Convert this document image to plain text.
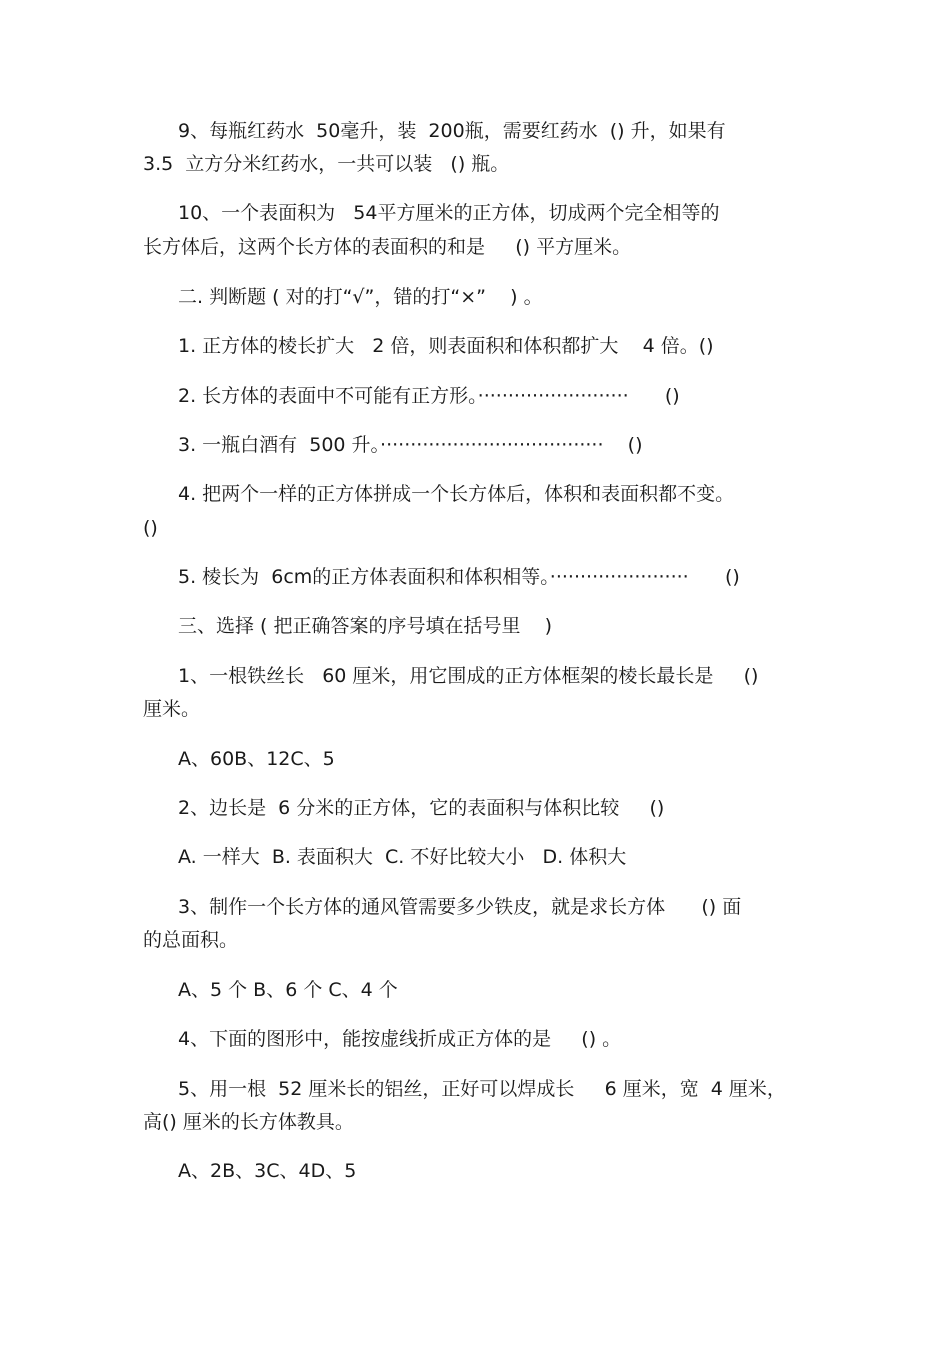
9、每瓶红药水  50毫升，装  200瓶，需要红药水  () 升，如果有
3.5  立方分米红药水，一共可以装   () 瓶。
10、一个表面积为   54平方厘米的正方体，切成两个完全相等的
长方体后，这两个长方体的表面积的和是     () 平方厘米。
二. 判断题 ( 对的打“√”，错的打“×”    ) 。
1. 正方体的棱长扩大   2 倍，则表面积和体积都扩大    4 倍。()
2. 长方体的表面中不可能有正方形。·························      ()
3. 一瓶白酒有  500 升。·····································    ()
4. 把两个一样的正方体拼成一个长方体后，体积和表面积都不变。
()
5. 棱长为  6cm的正方体表面积和体积相等。·······················      ()
三、选择 ( 把正确答案的序号填在括号里    )
1、一根铁丝长   60 厘米，用它围成的正方体框架的棱长最长是     ()
厘米。
A、60B、12C、5
2、边长是  6 分米的正方体，它的表面积与体积比较     ()
A. 一样大  B. 表面积大  C. 不好比较大小   D. 体积大
3、制作一个长方体的通风管需要多少铁皮，就是求长方体      () 面
的总面积。
A、5 个 B、6 个 C、4 个
4、下面的图形中，能按虚线折成正方体的是     () 。
5、用一根  52 厘米长的铝丝，正好可以焊成长     6 厘米，宽  4 厘米，
高() 厘米的长方体教具。
A、2B、3C、4D、5
